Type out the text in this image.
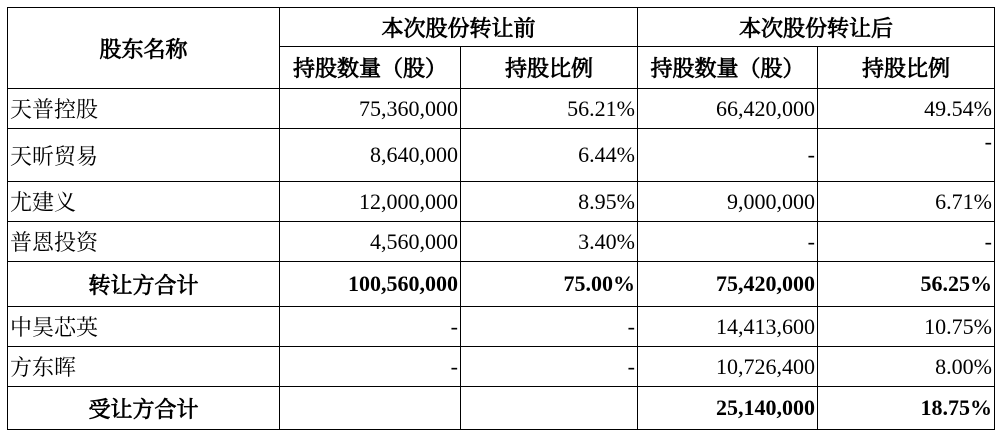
股东名称	本次股份转让前		本次股份转让后	
	持股数量（股）	持股比例	持股数量（股）	持股比例
天普控股	75,360,000	56.21%	66,420,000	49.54%
天昕贸易	8,640,000	6.44%	-	-
尤建义	12,000,000	8.95%	9,000,000	6.71%
普恩投资	4,560,000	3.40%	-	-
转让方合计	100,560,000	75.00%	75,420,000	56.25%
中昊芯英	-	-	14,413,600	10.75%
方东晖	-	-	10,726,400	8.00%
受让方合计			25,140,000	18.75%
